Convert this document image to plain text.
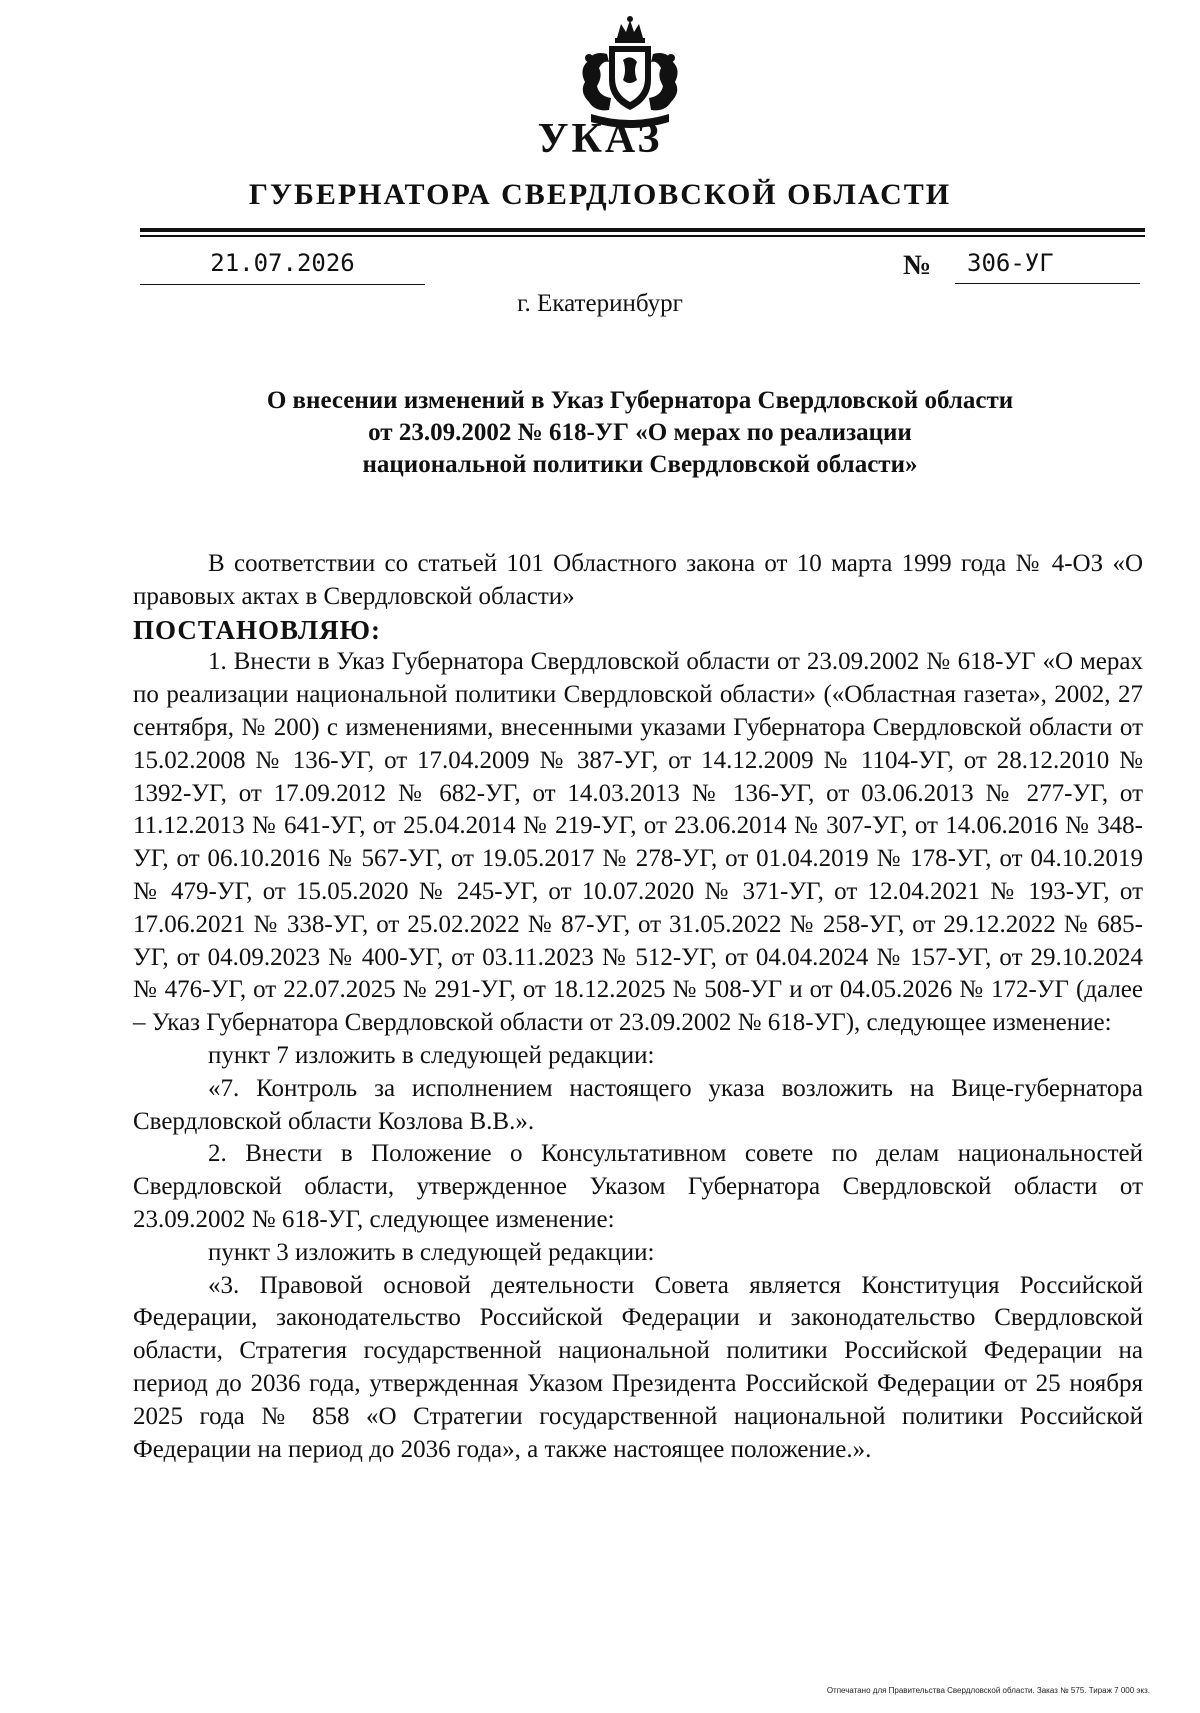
УКАЗ
ГУБЕРНАТОРА СВЕРДЛОВСКОЙ ОБЛАСТИ
21.07.2026	№	306-УГ
г. Екатеринбург
О внесении изменений в Указ Губернатора Свердловской области
от 23.09.2002 № 618-УГ «О мерах по реализации
национальной политики Свердловской области»

В соответствии со статьей 101 Областного закона от 10 марта 1999 года № 4-ОЗ «О правовых актах в Свердловской области»

ПОСТАНОВЛЯЮ:

1. Внести в Указ Губернатора Свердловской области от 23.09.2002 № 618-УГ «О мерах по реализации национальной политики Свердловской области» («Областная газета», 2002, 27 сентября, № 200) с изменениями, внесенными указами Губернатора Свердловской области от 15.02.2008 № 136-УГ, от 17.04.2009 № 387-УГ, от 14.12.2009 № 1104-УГ, от 28.12.2010 № 1392-УГ, от 17.09.2012 № 682-УГ, от 14.03.2013 № 136-УГ, от 03.06.2013 № 277-УГ, от 11.12.2013 № 641-УГ, от 25.04.2014 № 219-УГ, от 23.06.2014 № 307-УГ, от 14.06.2016 № 348-УГ, от 06.10.2016 № 567-УГ, от 19.05.2017 № 278-УГ, от 01.04.2019 № 178-УГ, от 04.10.2019 № 479-УГ, от 15.05.2020 № 245-УГ, от 10.07.2020 № 371-УГ, от 12.04.2021 № 193-УГ, от 17.06.2021 № 338-УГ, от 25.02.2022 № 87-УГ, от 31.05.2022 № 258-УГ, от 29.12.2022 № 685-УГ, от 04.09.2023 № 400-УГ, от 03.11.2023 № 512-УГ, от 04.04.2024 № 157-УГ, от 29.10.2024 № 476-УГ, от 22.07.2025 № 291-УГ, от 18.12.2025 № 508-УГ и от 04.05.2026 № 172-УГ (далее – Указ Губернатора Свердловской области от 23.09.2002 № 618-УГ), следующее изменение:

пункт 7 изложить в следующей редакции:

«7. Контроль за исполнением настоящего указа возложить на Вице-губернатора Свердловской области Козлова В.В.».

2. Внести в Положение о Консультативном совете по делам национальностей Свердловской области, утвержденное Указом Губернатора Свердловской области от 23.09.2002 № 618-УГ, следующее изменение:

пункт 3 изложить в следующей редакции:

«3. Правовой основой деятельности Совета является Конституция Российской Федерации, законодательство Российской Федерации и законодательство Свердловской области, Стратегия государственной национальной политики Российской Федерации на период до 2036 года, утвержденная Указом Президента Российской Федерации от 25 ноября 2025 года № 858 «О Стратегии государственной национальной политики Российской Федерации на период до 2036 года», а также настоящее положение.».

Отпечатано для Правительства Свердловской области. Заказ № 575. Тираж 7 000 экз.
